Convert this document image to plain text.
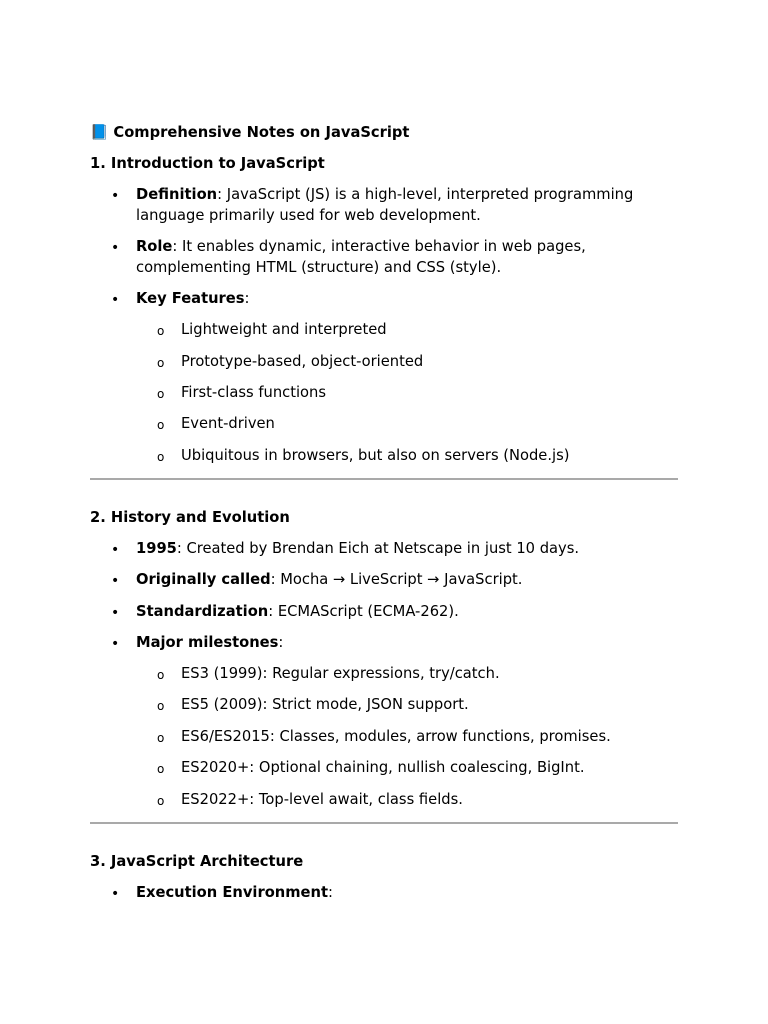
📘 Comprehensive Notes on JavaScript
1. Introduction to JavaScript
• Definition: JavaScript (JS) is a high-level, interpreted programming language primarily used for web development.
• Role: It enables dynamic, interactive behavior in web pages, complementing HTML (structure) and CSS (style).
• Key Features:
o Lightweight and interpreted
o Prototype-based, object-oriented
o First-class functions
o Event-driven
o Ubiquitous in browsers, but also on servers (Node.js)
2. History and Evolution
• 1995: Created by Brendan Eich at Netscape in just 10 days.
• Originally called: Mocha → LiveScript → JavaScript.
• Standardization: ECMAScript (ECMA-262).
• Major milestones:
o ES3 (1999): Regular expressions, try/catch.
o ES5 (2009): Strict mode, JSON support.
o ES6/ES2015: Classes, modules, arrow functions, promises.
o ES2020+: Optional chaining, nullish coalescing, BigInt.
o ES2022+: Top-level await, class fields.
3. JavaScript Architecture
• Execution Environment:
